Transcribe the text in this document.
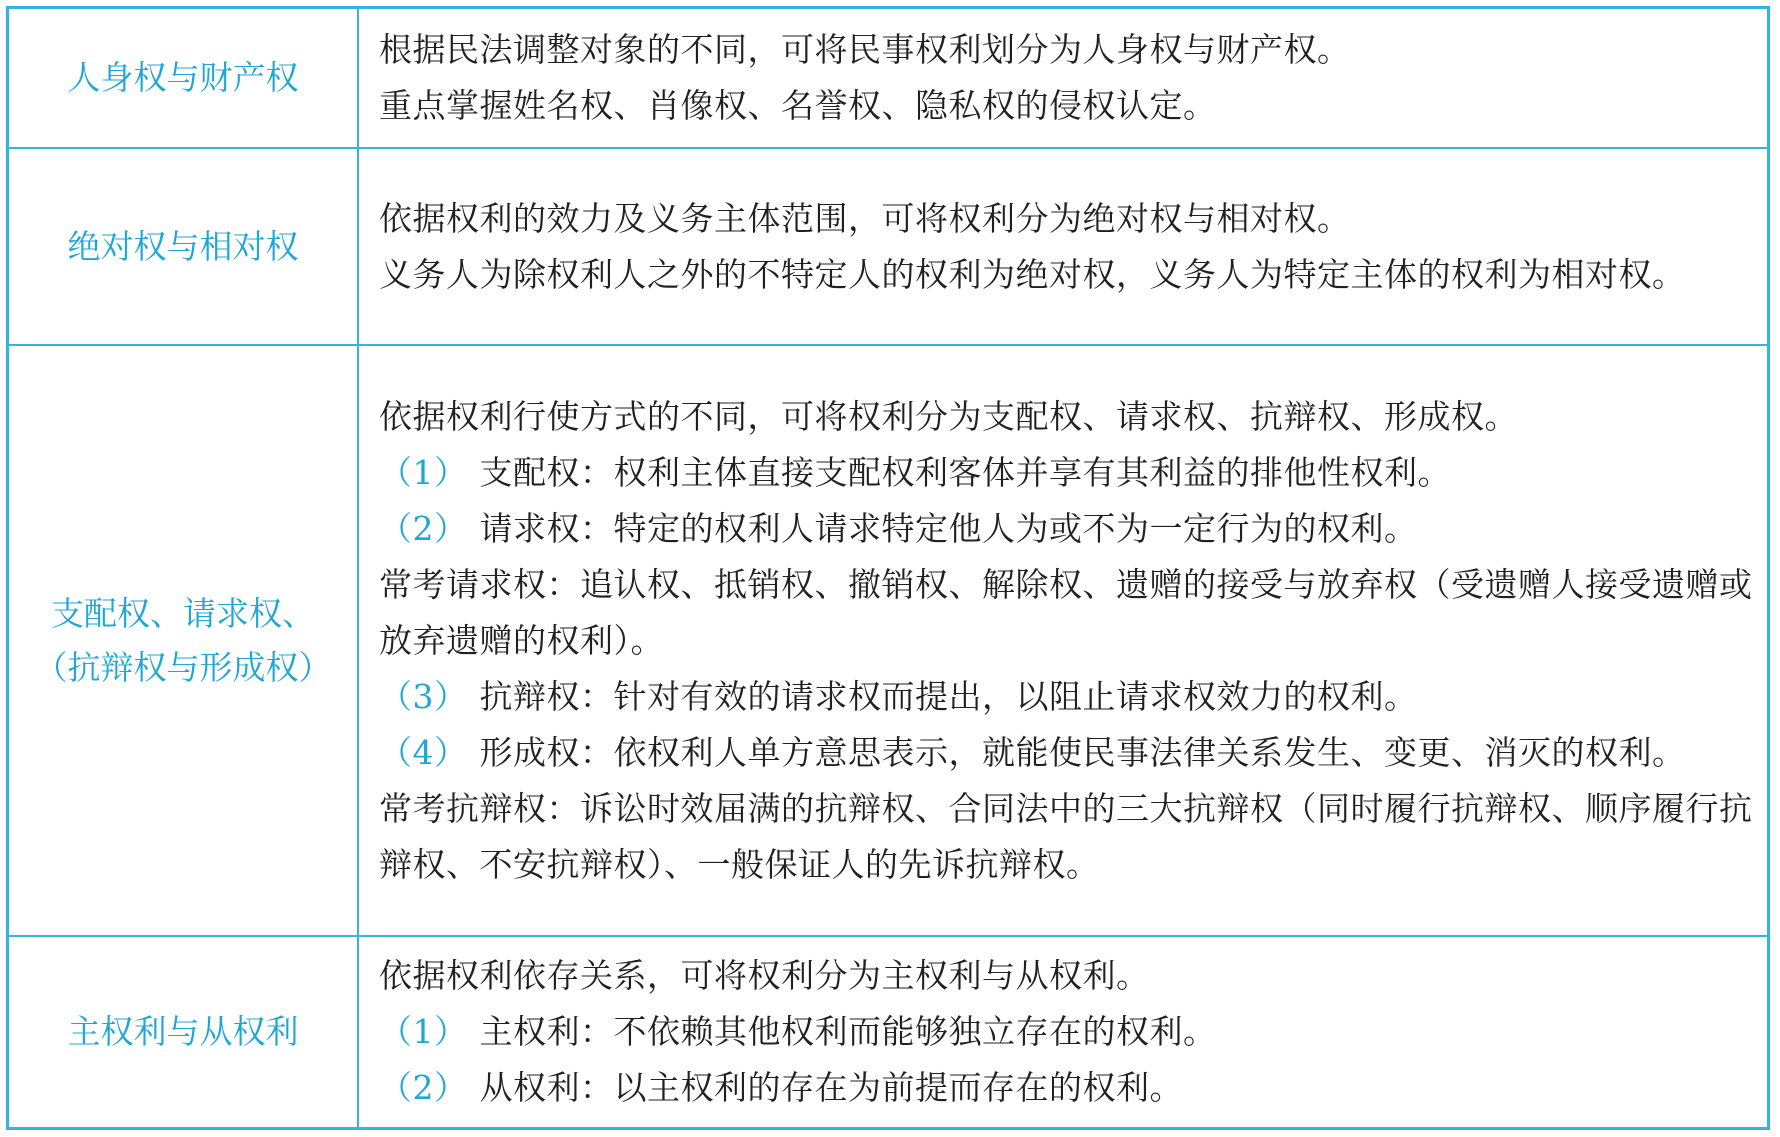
人身权与财产权
根据民法调整对象的不同，可将民事权利划分为人身权与财产权。
重点掌握姓名权、肖像权、名誉权、隐私权的侵权认定。
绝对权与相对权
依据权利的效力及义务主体范围，可将权利分为绝对权与相对权。
义务人为除权利人之外的不特定人的权利为绝对权，义务人为特定主体的权利为相对权。
支配权、请求权、
（抗辩权与形成权）
依据权利行使方式的不同，可将权利分为支配权、请求权、抗辩权、形成权。
（1） 支配权：权利主体直接支配权利客体并享有其利益的排他性权利。
（2） 请求权：特定的权利人请求特定他人为或不为一定行为的权利。
常考请求权：追认权、抵销权、撤销权、解除权、遗赠的接受与放弃权（受遗赠人接受遗赠或放弃遗赠的权利）。
（3） 抗辩权：针对有效的请求权而提出，以阻止请求权效力的权利。
（4） 形成权：依权利人单方意思表示，就能使民事法律关系发生、变更、消灭的权利。
常考抗辩权：诉讼时效届满的抗辩权、合同法中的三大抗辩权（同时履行抗辩权、顺序履行抗辩权、不安抗辩权）、一般保证人的先诉抗辩权。
主权利与从权利
依据权利依存关系，可将权利分为主权利与从权利。
（1） 主权利：不依赖其他权利而能够独立存在的权利。
（2） 从权利：以主权利的存在为前提而存在的权利。
